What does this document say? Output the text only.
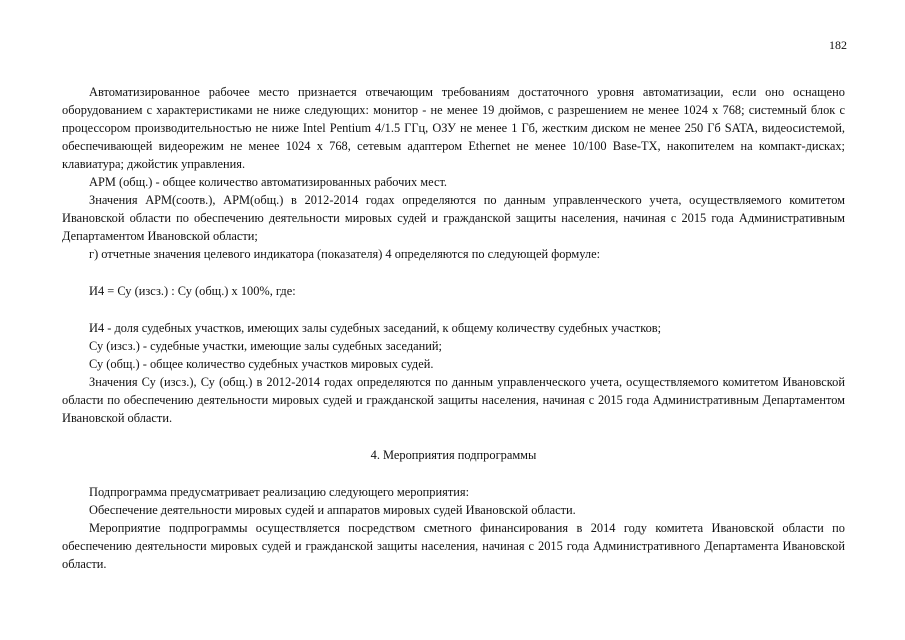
182

Автоматизированное рабочее место признается отвечающим требованиям достаточного уровня автоматизации, если оно оснащено оборудованием с характеристиками не ниже следующих: монитор - не менее 19 дюймов, с разрешением не менее 1024 x 768; системный блок с процессором производительностью не ниже Intel Pentium 4/1.5 ГГц, ОЗУ не менее 1 Гб, жестким диском не менее 250 Гб SATA, видеосистемой, обеспечивающей видеорежим не менее 1024 x 768, сетевым адаптером Ethernet не менее 10/100 Base-TX, накопителем на компакт-дисках; клавиатура; джойстик управления.

АРМ (общ.) - общее количество автоматизированных рабочих мест.

Значения АРМ(соотв.), АРМ(общ.) в 2012-2014 годах определяются по данным управленческого учета, осуществляемого комитетом Ивановской области по обеспечению деятельности мировых судей и гражданской защиты населения, начиная с 2015 года Административным Департаментом Ивановской области;

г) отчетные значения целевого индикатора (показателя) 4 определяются по следующей формуле:

И4 = Су (изсз.) : Су (общ.) x 100%, где:

И4 - доля судебных участков, имеющих залы судебных заседаний, к общему количеству судебных участков;

Су (изсз.) - судебные участки, имеющие залы судебных заседаний;

Су (общ.) - общее количество судебных участков мировых судей.

Значения Су (изсз.), Су (общ.) в 2012-2014 годах определяются по данным управленческого учета, осуществляемого комитетом Ивановской области по обеспечению деятельности мировых судей и гражданской защиты населения, начиная с 2015 года Административным Департаментом Ивановской области.

4. Мероприятия подпрограммы

Подпрограмма предусматривает реализацию следующего мероприятия:

Обеспечение деятельности мировых судей и аппаратов мировых судей Ивановской области.

Мероприятие подпрограммы осуществляется посредством сметного финансирования в 2014 году комитета Ивановской области по обеспечению деятельности мировых судей и гражданской защиты населения, начиная с 2015 года Административного Департамента Ивановской области.
